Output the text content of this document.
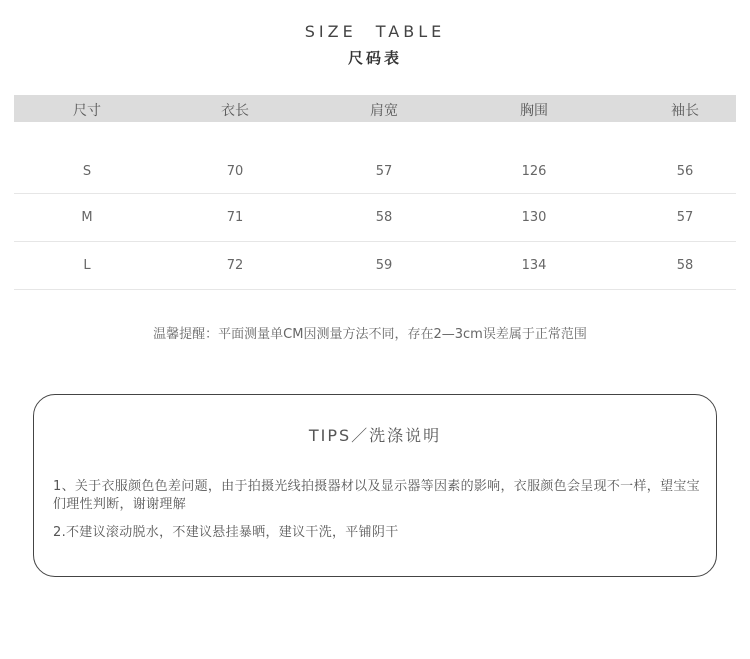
SIZE TABLE
尺码表
尺寸	衣长	肩宽	胸围	袖长
S	70	57	126	56
M	71	58	130	57
L	72	59	134	58
温馨提醒：平面测量单CM因测量方法不同，存在2—3cm误差属于正常范围
TIPS／洗涤说明
1、关于衣服颜色色差问题，由于拍摄光线拍摄器材以及显示器等因素的影响，衣服颜色会呈现不一样，望宝宝们理性判断，谢谢理解
2.不建议滚动脱水，不建议悬挂暴晒，建议干洗，平铺阴干
